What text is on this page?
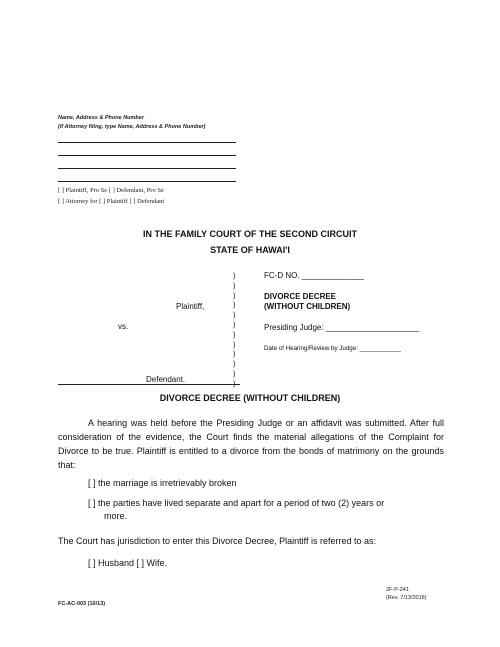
Name, Address & Phone Number
(If Attorney filing, type Name, Address & Phone Number)
[ ] Plaintiff, Pro Se [ ] Defendant, Pro Se
[ ] Attorney for [ ] Plaintiff [ ] Defendant
IN THE FAMILY COURT OF THE SECOND CIRCUIT
STATE OF HAWAI'I
)
)
)
)
)
)
)
)
)
)
)
)
Plaintiff,
vs.
Defendant.
FC-D NO. ______________
DIVORCE DECREE
(WITHOUT CHILDREN)
Presiding Judge: _____________________
Date of Hearing/Review by Judge: ____________
DIVORCE DECREE (WITHOUT CHILDREN)
A hearing was held before the Presiding Judge or an affidavit was submitted. After full consideration of the evidence, the Court finds the material allegations of the Complaint for Divorce to be true. Plaintiff is entitled to a divorce from the bonds of matrimony on the grounds that:
[ ] the marriage is irretrievably broken
[ ] the parties have lived separate and apart for a period of two (2) years or
more.
The Court has jurisdiction to enter this Divorce Decree, Plaintiff is referred to as:
[ ] Husband [ ] Wife.
2F-P-241
(Rev. 7/13/2018)
FC-AC-003 (10/13)
